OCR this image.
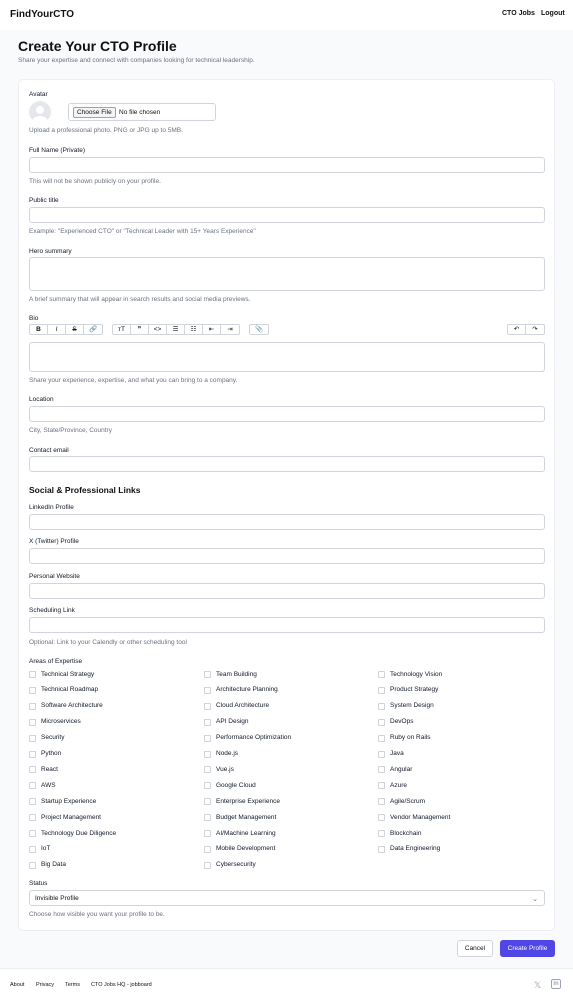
FindYourCTO	CTO Jobs Logout
Create Your CTO Profile
Share your expertise and connect with companies looking for technical leadership.
Avatar
Choose File	No file chosen
Upload a professional photo. PNG or JPG up to 5MB.
Full Name (Private)
This will not be shown publicly on your profile.
Public title
Example: "Experienced CTO" or "Technical Leader with 15+ Years Experience"
Hero summary
A brief summary that will appear in search results and social media previews.
Bio
B	I	S	🔗	тT	❞	<>	☰	☷	⇤	⇥	📎	↶	↷
Share your experience, expertise, and what you can bring to a company.
Location
City, State/Province, Country
Contact email
Social & Professional Links
LinkedIn Profile
X (Twitter) Profile
Personal Website
Scheduling Link
Optional: Link to your Calendly or other scheduling tool
Areas of Expertise
Technical Strategy	Team Building	Technology Vision
Technical Roadmap	Architecture Planning	Product Strategy
Software Architecture	Cloud Architecture	System Design
Microservices	API Design	DevOps
Security	Performance Optimization	Ruby on Rails
Python	Node.js	Java
React	Vue.js	Angular
AWS	Google Cloud	Azure
Startup Experience	Enterprise Experience	Agile/Scrum
Project Management	Budget Management	Vendor Management
Technology Due Diligence	AI/Machine Learning	Blockchain
IoT	Mobile Development	Data Engineering
Big Data	Cybersecurity
Status
Invisible Profile	⌄
Choose how visible you want your profile to be.
Cancel	Create Profile
About Privacy Terms CTO Jobs HQ - jobboard	𝕏	in
